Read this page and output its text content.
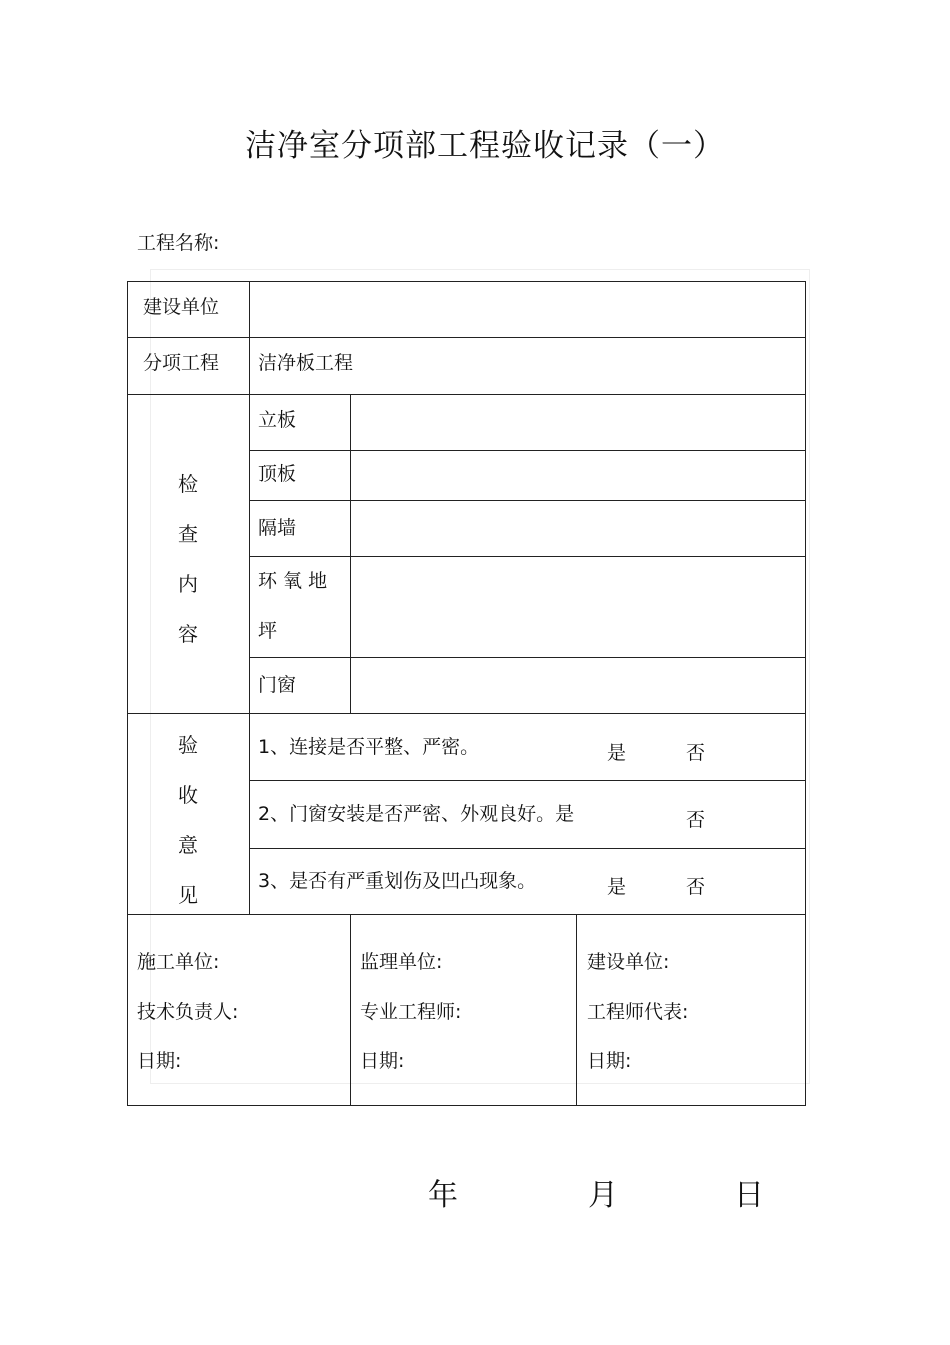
洁净室分项部工程验收记录（一）
工程名称:
建设单位
分项工程 洁净板工程
检
查
内
容
立板
顶板
隔墙
环 氧 地
坪
门窗
验
收
意
见
1、连接是否平整、严密。	是	否
2、门窗安装是否严密、外观良好。是	否
3、是否有严重划伤及凹凸现象。	是	否
施工单位:
技术负责人:
日期:
监理单位:
专业工程师:
日期:
建设单位:
工程师代表:
日期:
年	月	日
